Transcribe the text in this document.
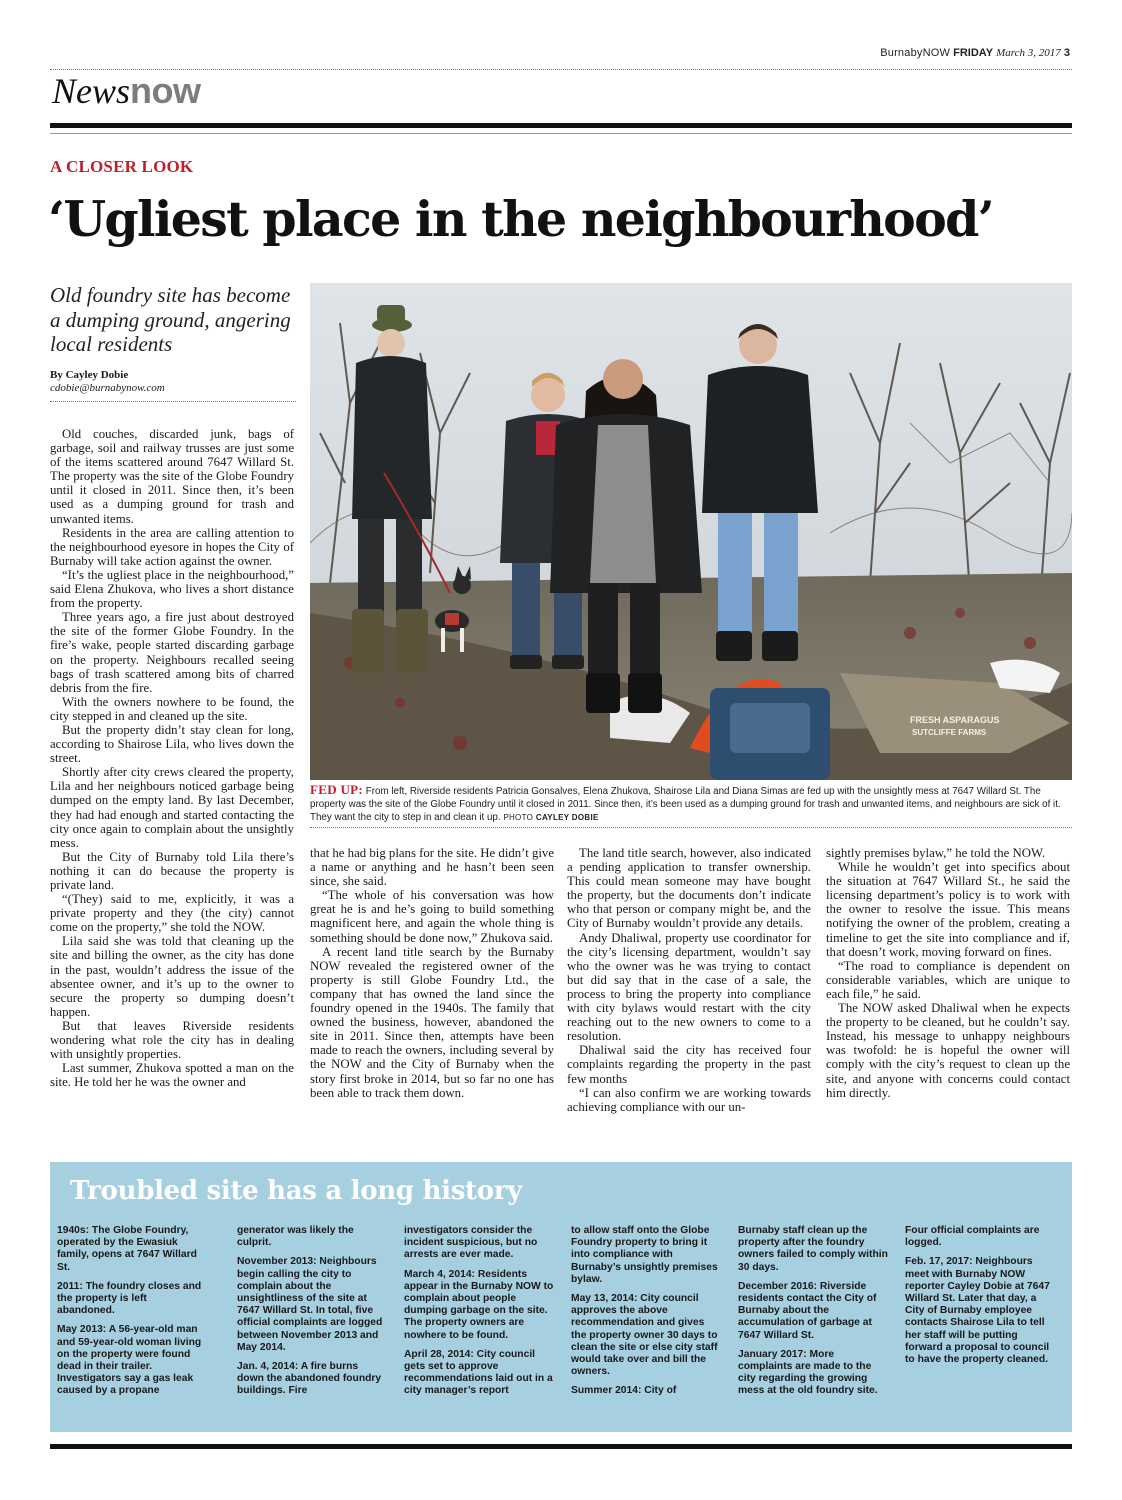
BurnabyNOW FRIDAY March 3, 2017 3
Newsnow
A CLOSER LOOK
‘Ugliest place in the neighbourhood’
Old foundry site has become a dumping ground, angering local residents
By Cayley Dobie
cdobie@burnabynow.com
FRESH ASPARAGUS
SUTCLIFFE FARMS
FED UP: From left, Riverside residents Patricia Gonsalves, Elena Zhukova, Shairose Lila and Diana Simas are fed up with the unsightly mess at 7647 Willard St. The property was the site of the Globe Foundry until it closed in 2011. Since then, it’s been used as a dumping ground for trash and unwanted items, and neighbours are sick of it. They want the city to step in and clean it up. PHOTO CAYLEY DOBIE

Old couches, discarded junk, bags of garbage, soil and railway trusses are just some of the items scattered around 7647 Willard St. The property was the site of the Globe Foundry until it closed in 2011. Since then, it’s been used as a dumping ground for trash and unwanted items.

Residents in the area are calling attention to the neighbourhood eyesore in hopes the City of Burnaby will take action against the owner.

“It’s the ugliest place in the neighbourhood,” said Elena Zhukova, who lives a short distance from the property.

Three years ago, a fire just about destroyed the site of the former Globe Foundry. In the fire’s wake, people started discarding garbage on the property. Neighbours recalled seeing bags of trash scattered among bits of charred debris from the fire.

With the owners nowhere to be found, the city stepped in and cleaned up the site.

But the property didn’t stay clean for long, according to Shairose Lila, who lives down the street.

Shortly after city crews cleared the property, Lila and her neighbours noticed garbage being dumped on the empty land. By last December, they had had enough and started contacting the city once again to complain about the unsightly mess.

But the City of Burnaby told Lila there’s nothing it can do because the property is private land.

“(They) said to me, explicitly, it was a private property and they (the city) cannot come on the property,” she told the NOW.

Lila said she was told that cleaning up the site and billing the owner, as the city has done in the past, wouldn’t address the issue of the absentee owner, and it’s up to the owner to secure the property so dumping doesn’t happen.

But that leaves Riverside residents wondering what role the city has in dealing with unsightly properties.

Last summer, Zhukova spotted a man on the site. He told her he was the owner and

that he had big plans for the site. He didn’t give a name or anything and he hasn’t been seen since, she said.

“The whole of his conversation was how great he is and he’s going to build something magnificent here, and again the whole thing is something should be done now,” Zhukova said.

A recent land title search by the Burnaby NOW revealed the registered owner of the property is still Globe Foundry Ltd., the company that has owned the land since the foundry opened in the 1940s. The family that owned the business, however, abandoned the site in 2011. Since then, attempts have been made to reach the owners, including several by the NOW and the City of Burnaby when the story first broke in 2014, but so far no one has been able to track them down.

The land title search, however, also indicated a pending application to transfer ownership. This could mean someone may have bought the property, but the documents don’t indicate who that person or company might be, and the City of Burnaby wouldn’t provide any details.

Andy Dhaliwal, property use coordinator for the city’s licensing department, wouldn’t say who the owner was he was trying to contact but did say that in the case of a sale, the process to bring the property into compliance with city bylaws would restart with the city reaching out to the new owners to come to a resolution.

Dhaliwal said the city has received four complaints regarding the property in the past few months

“I can also confirm we are working towards achieving compliance with our un-

sightly premises bylaw,” he told the NOW.

While he wouldn’t get into specifics about the situation at 7647 Willard St., he said the licensing department’s policy is to work with the owner to resolve the issue. This means notifying the owner of the problem, creating a timeline to get the site into compliance and if, that doesn’t work, moving forward on fines.

“The road to compliance is dependent on considerable variables, which are unique to each file,” he said.

The NOW asked Dhaliwal when he expects the property to be cleaned, but he couldn’t say. Instead, his message to unhappy neighbours was twofold: he is hopeful the owner will comply with the city’s request to clean up the site, and anyone with concerns could contact him directly.

Troubled site has a long history

1940s: The Globe Foundry, operated by the Ewasiuk family, opens at 7647 Willard St.

2011: The foundry closes and the property is left abandoned.

May 2013: A 56-year-old man and 59-year-old woman living on the property were found dead in their trailer. Investigators say a gas leak caused by a propane

generator was likely the culprit.

November 2013: Neighbours begin calling the city to complain about the unsightliness of the site at 7647 Willard St. In total, five official complaints are logged between November 2013 and May 2014.

Jan. 4, 2014: A fire burns down the abandoned foundry buildings. Fire

investigators consider the incident suspicious, but no arrests are ever made.

March 4, 2014: Residents appear in the Burnaby NOW to complain about people dumping garbage on the site. The property owners are nowhere to be found.

April 28, 2014: City council gets set to approve recommendations laid out in a city manager’s report

to allow staff onto the Globe Foundry property to bring it into compliance with Burnaby’s unsightly premises bylaw.

May 13, 2014: City council approves the above recommendation and gives the property owner 30 days to clean the site or else city staff would take over and bill the owners.

Summer 2014: City of

Burnaby staff clean up the property after the foundry owners failed to comply within 30 days.

December 2016: Riverside residents contact the City of Burnaby about the accumulation of garbage at 7647 Willard St.

January 2017: More complaints are made to the city regarding the growing mess at the old foundry site.

Four official complaints are logged.

Feb. 17, 2017: Neighbours meet with Burnaby NOW reporter Cayley Dobie at 7647 Willard St. Later that day, a City of Burnaby employee contacts Shairose Lila to tell her staff will be putting forward a proposal to council to have the property cleaned.
